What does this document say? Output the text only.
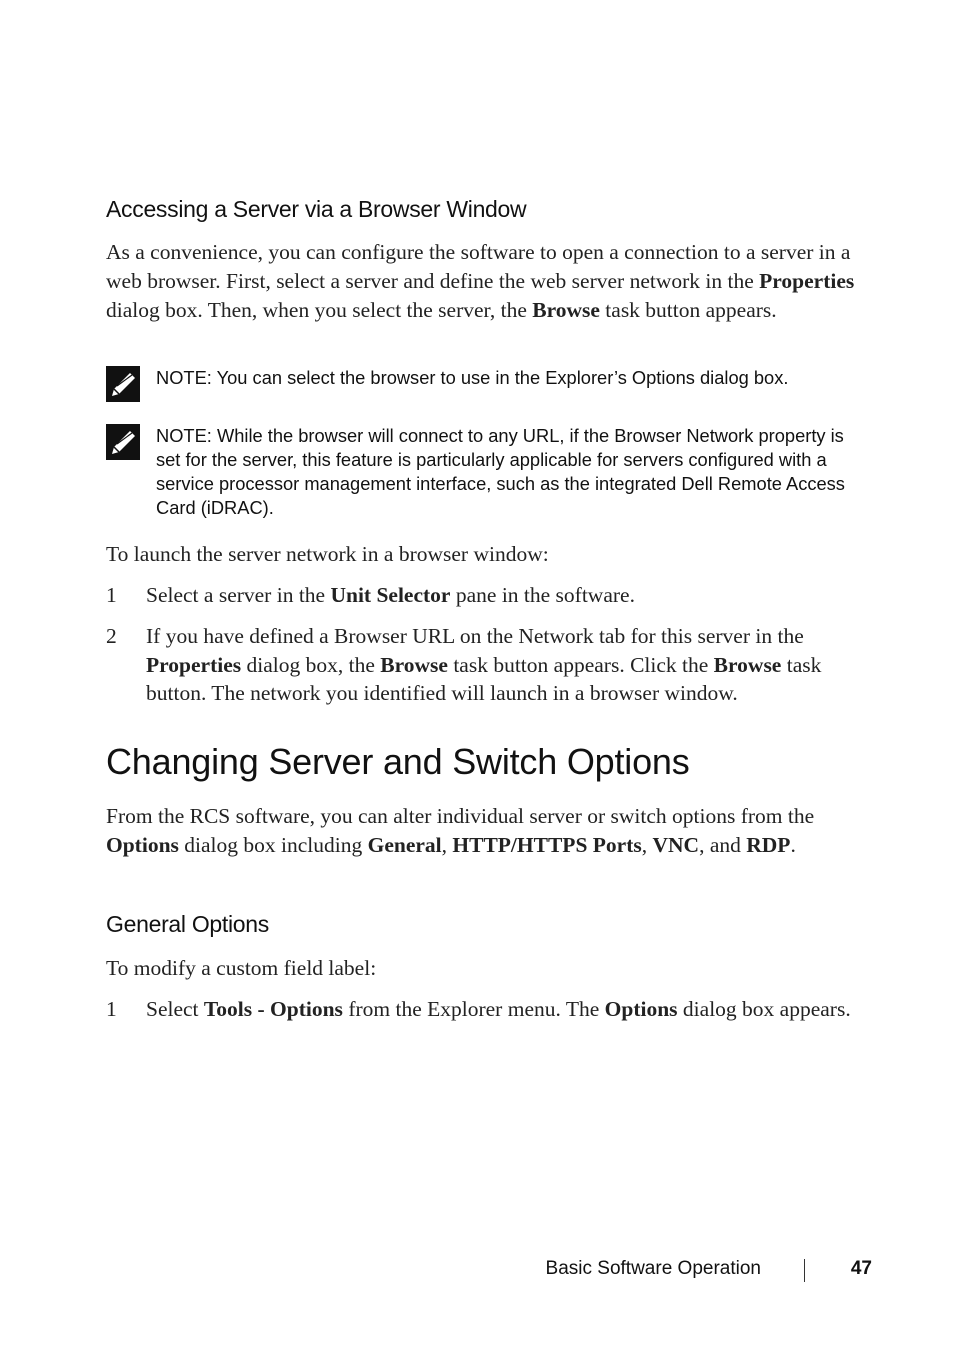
Accessing a Server via a Browser Window

As a convenience, you can configure the software to open a connection to a server in a web browser. First, select a server and define the web server network in the Properties dialog box. Then, when you select the server, the Browse task button appears.

NOTE: You can select the browser to use in the Explorer’s Options dialog box.
NOTE: While the browser will connect to any URL, if the Browser Network property is set for the server, this feature is particularly applicable for servers configured with a service processor management interface, such as the integrated Dell Remote Access Card (iDRAC).

To launch the server network in a browser window:

1 Select a server in the Unit Selector pane in the software.
2 If you have defined a Browser URL on the Network tab for this server in the Properties dialog box, the Browse task button appears. Click the Browse task button. The network you identified will launch in a browser window.
Changing Server and Switch Options

From the RCS software, you can alter individual server or switch options from the Options dialog box including General, HTTP/HTTPS Ports, VNC, and RDP.

General Options

To modify a custom field label:

1 Select Tools - Options from the Explorer menu. The Options dialog box appears.
Basic Software Operation	47
